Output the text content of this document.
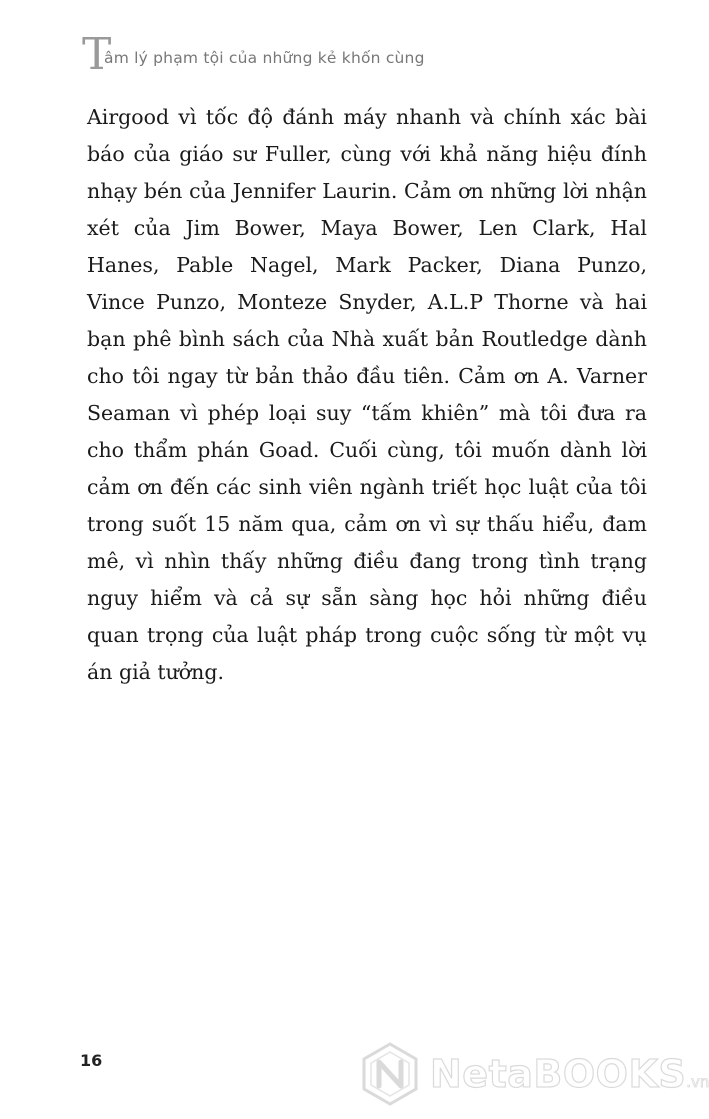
T
âm lý phạm tội của những kẻ khốn cùng

Airgood vì tốc độ đánh máy nhanh và chính xác bài báo của giáo sư Fuller, cùng với khả năng hiệu đính nhạy bén của Jennifer Laurin. Cảm ơn những lời nhận xét của Jim Bower, Maya Bower, Len Clark, Hal Hanes, Pable Nagel, Mark Packer, Diana Punzo, Vince Punzo, Monteze Snyder, A.L.P Thorne và hai bạn phê bình sách của Nhà xuất bản Routledge dành cho tôi ngay từ bản thảo đầu tiên. Cảm ơn A. Varner Seaman vì phép loại suy “tấm khiên” mà tôi đưa ra cho thẩm phán Goad. Cuối cùng, tôi muốn dành lời cảm ơn đến các sinh viên ngành triết học luật của tôi trong suốt 15 năm qua, cảm ơn vì sự thấu hiểu, đam mê, vì nhìn thấy những điều đang trong tình trạng nguy hiểm và cả sự sẵn sàng học hỏi những điều quan trọng của luật pháp trong cuộc sống từ một vụ án giả tưởng.

16	NetaBOOKS.vn
